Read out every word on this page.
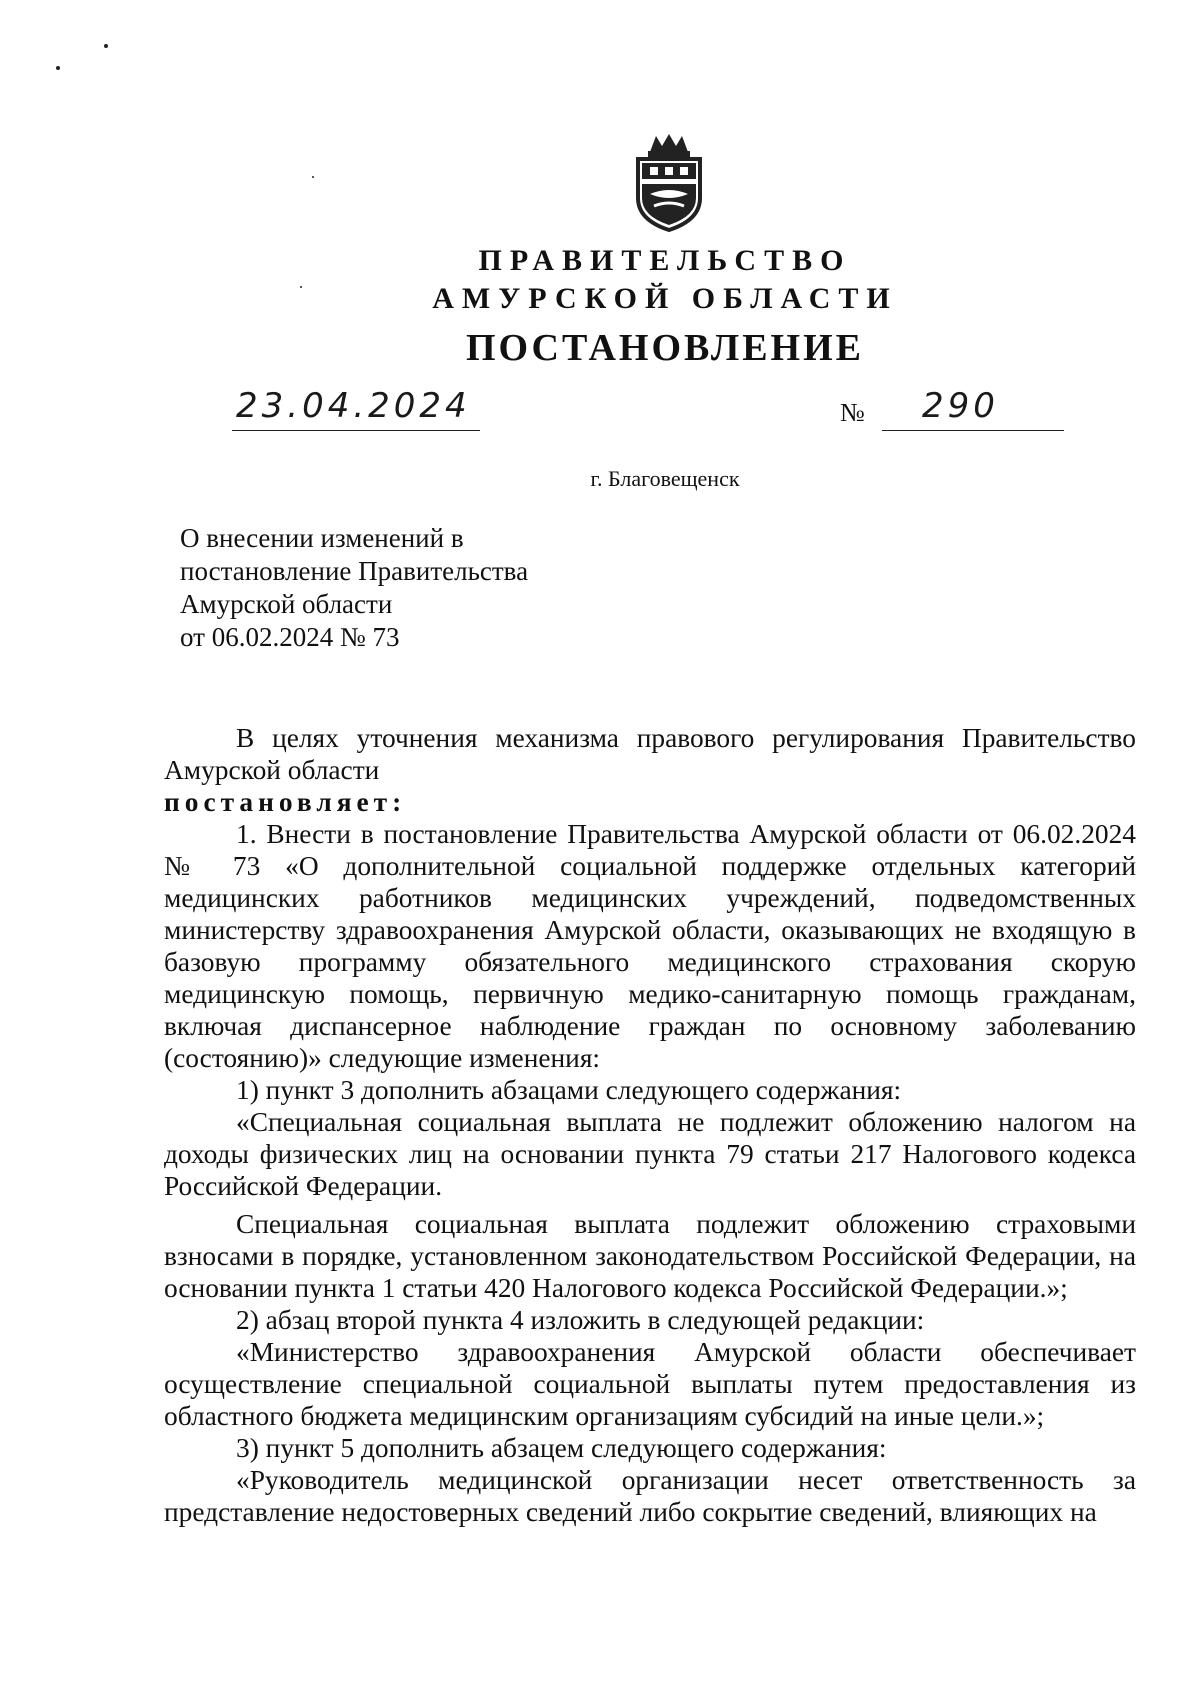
ПРАВИТЕЛЬСТВО
АМУРСКОЙ ОБЛАСТИ
ПОСТАНОВЛЕНИЕ
23.04.2024	№ 290
г. Благовещенск
О внесении изменений в
постановление Правительства
Амурской области
от 06.02.2024 № 73

В целях уточнения механизма правового регулирования Правительство Амурской области

постановляет:

1. Внести в постановление Правительства Амурской области от 06.02.2024 № 73 «О дополнительной социальной поддержке отдельных категорий медицинских работников медицинских учреждений, подведомственных министерству здравоохранения Амурской области, оказывающих не входящую в базовую программу обязательного медицинского страхования скорую медицинскую помощь, первичную медико-санитарную помощь гражданам, включая диспансерное наблюдение граждан по основному заболеванию (состоянию)» следующие изменения:

1) пункт 3 дополнить абзацами следующего содержания:

«Специальная социальная выплата не подлежит обложению налогом на доходы физических лиц на основании пункта 79 статьи 217 Налогового кодекса Российской Федерации.

Специальная социальная выплата подлежит обложению страховыми взносами в порядке, установленном законодательством Российской Федерации, на основании пункта 1 статьи 420 Налогового кодекса Российской Федерации.»;

2) абзац второй пункта 4 изложить в следующей редакции:

«Министерство здравоохранения Амурской области обеспечивает осуществление специальной социальной выплаты путем предоставления из областного бюджета медицинским организациям субсидий на иные цели.»;

3) пункт 5 дополнить абзацем следующего содержания:

«Руководитель медицинской организации несет ответственность за представление недостоверных сведений либо сокрытие сведений, влияющих на
